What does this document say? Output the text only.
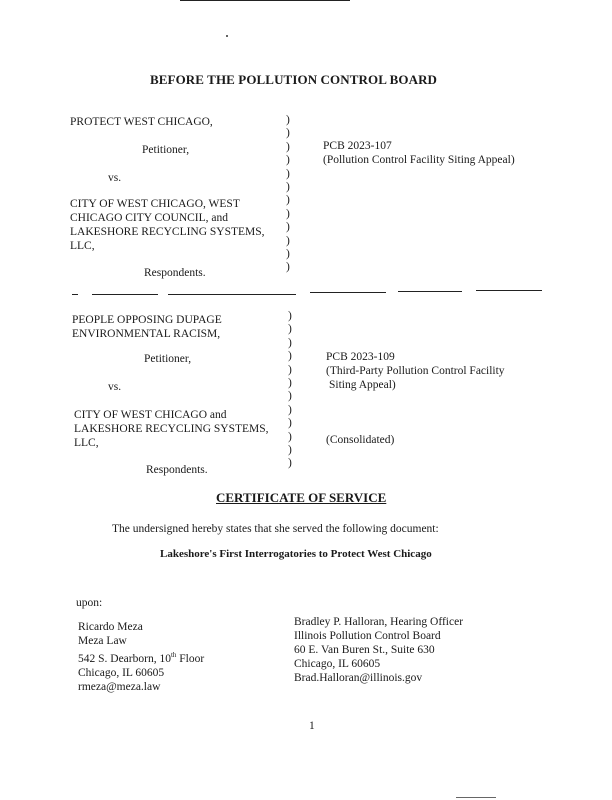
BEFORE THE POLLUTION CONTROL BOARD
PROTECT WEST CHICAGO,
Petitioner,
vs.
CITY OF WEST CHICAGO, WEST
CHICAGO CITY COUNCIL, and
LAKESHORE RECYCLING SYSTEMS,
LLC,
Respondents.
)
)
)
)
)
)
)
)
)
)
)
)
PCB 2023-107
(Pollution Control Facility Siting Appeal)
PEOPLE OPPOSING DUPAGE
ENVIRONMENTAL RACISM,
Petitioner,
vs.
CITY OF WEST CHICAGO and
LAKESHORE RECYCLING SYSTEMS,
LLC,
Respondents.
)
)
)
)
)
)
)
)
)
)
)
)
PCB 2023-109
(Third-Party Pollution Control Facility
Siting Appeal)
(Consolidated)
CERTIFICATE OF SERVICE
The undersigned hereby states that she served the following document:
Lakeshore's First Interrogatories to Protect West Chicago
upon:
Ricardo Meza
Meza Law
542 S. Dearborn, 10th Floor
Chicago, IL 60605
rmeza@meza.law
Bradley P. Halloran, Hearing Officer
Illinois Pollution Control Board
60 E. Van Buren St., Suite 630
Chicago, IL 60605
Brad.Halloran@illinois.gov
1
